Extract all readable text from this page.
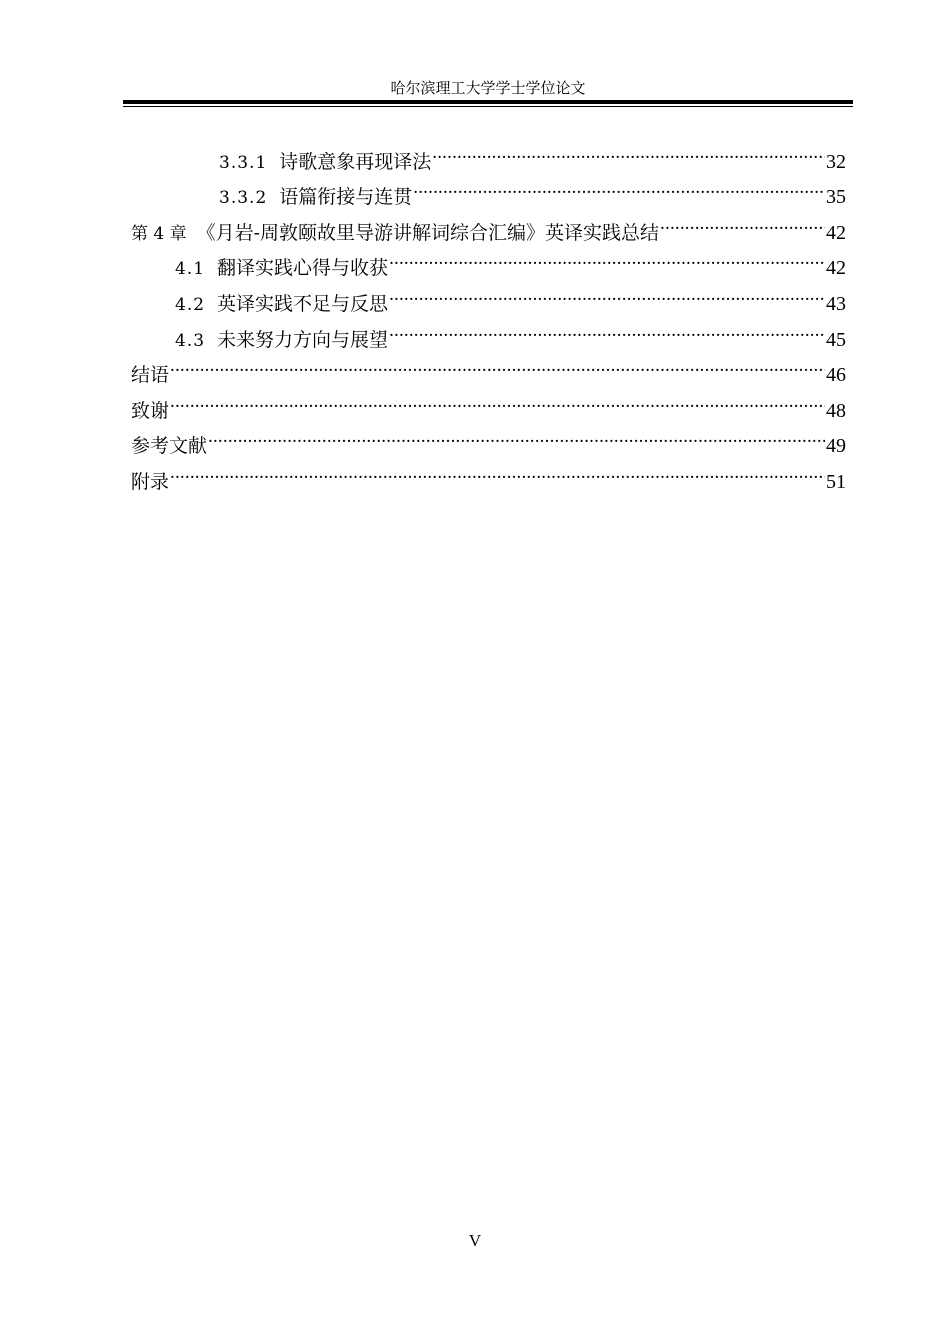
哈尔滨理工大学学士学位论文
3.3.1 诗歌意象再现译法 .....	32
3.3.2 语篇衔接与连贯 .....	35
第 4 章 《月岩-周敦颐故里导游讲解词综合汇编》英译实践总结 .....	42
4.1 翻译实践心得与收获 .....	42
4.2 英译实践不足与反思 .....	43
4.3 未来努力方向与展望 .....	45
结语 .....	46
致谢 .....	48
参考文献 .....	49
附录 .....	51
V
